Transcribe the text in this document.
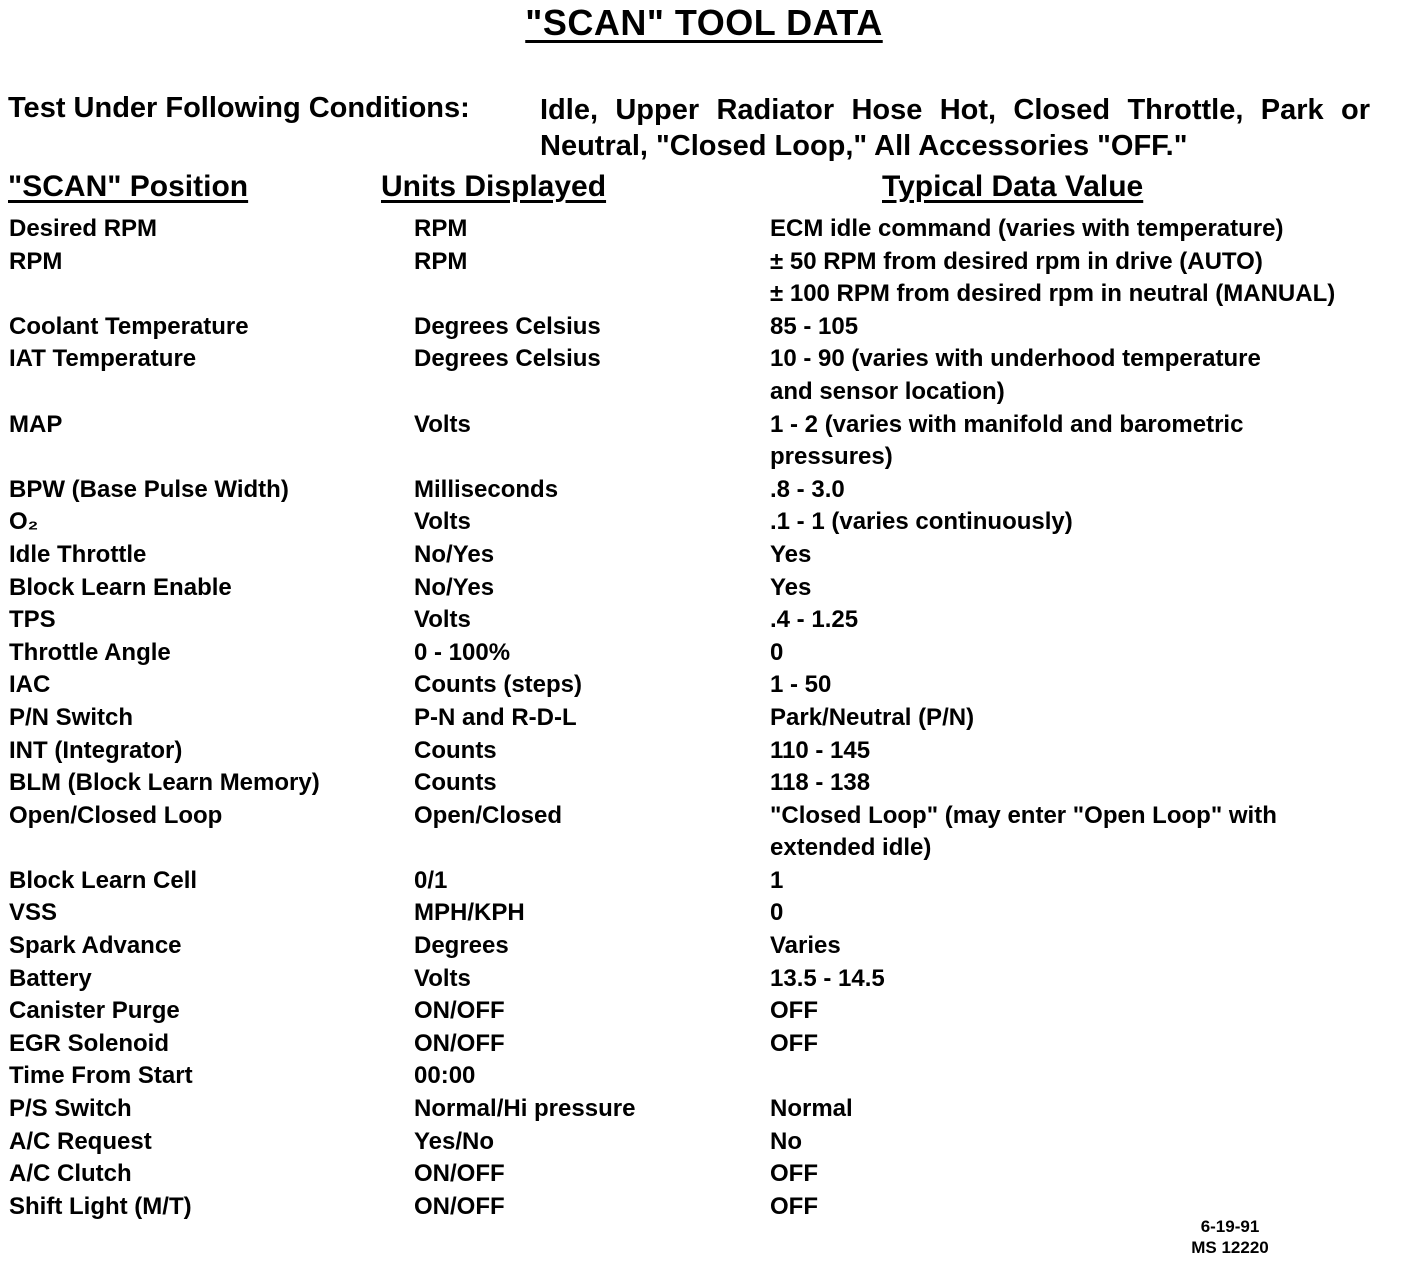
"SCAN" TOOL DATA
Test Under Following Conditions: Idle, Upper Radiator Hose Hot, Closed Throttle, Park or
Neutral, "Closed Loop," All Accessories "OFF."
"SCAN" Position	Units Displayed	Typical Data Value
Desired RPM	RPM	ECM idle command (varies with temperature)
RPM	RPM	± 50 RPM from desired rpm in drive (AUTO)
± 100 RPM from desired rpm in neutral (MANUAL)
Coolant Temperature	Degrees Celsius	85 - 105
IAT Temperature	Degrees Celsius	10 - 90 (varies with underhood temperature
and sensor location)
MAP	Volts	1 - 2 (varies with manifold and barometric
pressures)
BPW (Base Pulse Width)	Milliseconds	.8 - 3.0
O₂	Volts	.1 - 1 (varies continuously)
Idle Throttle	No/Yes	Yes
Block Learn Enable	No/Yes	Yes
TPS	Volts	.4 - 1.25
Throttle Angle	0 - 100%	0
IAC	Counts (steps)	1 - 50
P/N Switch	P-N and R-D-L	Park/Neutral (P/N)
INT (Integrator)	Counts	110 - 145
BLM (Block Learn Memory)	Counts	118 - 138
Open/Closed Loop	Open/Closed	"Closed Loop" (may enter "Open Loop" with
extended idle)
Block Learn Cell	0/1	1
VSS	MPH/KPH	0
Spark Advance	Degrees	Varies
Battery	Volts	13.5 - 14.5
Canister Purge	ON/OFF	OFF
EGR Solenoid	ON/OFF	OFF
Time From Start	00:00
P/S Switch	Normal/Hi pressure	Normal
A/C Request	Yes/No	No
A/C Clutch	ON/OFF	OFF
Shift Light (M/T)	ON/OFF	OFF
6-19-91
MS 12220
